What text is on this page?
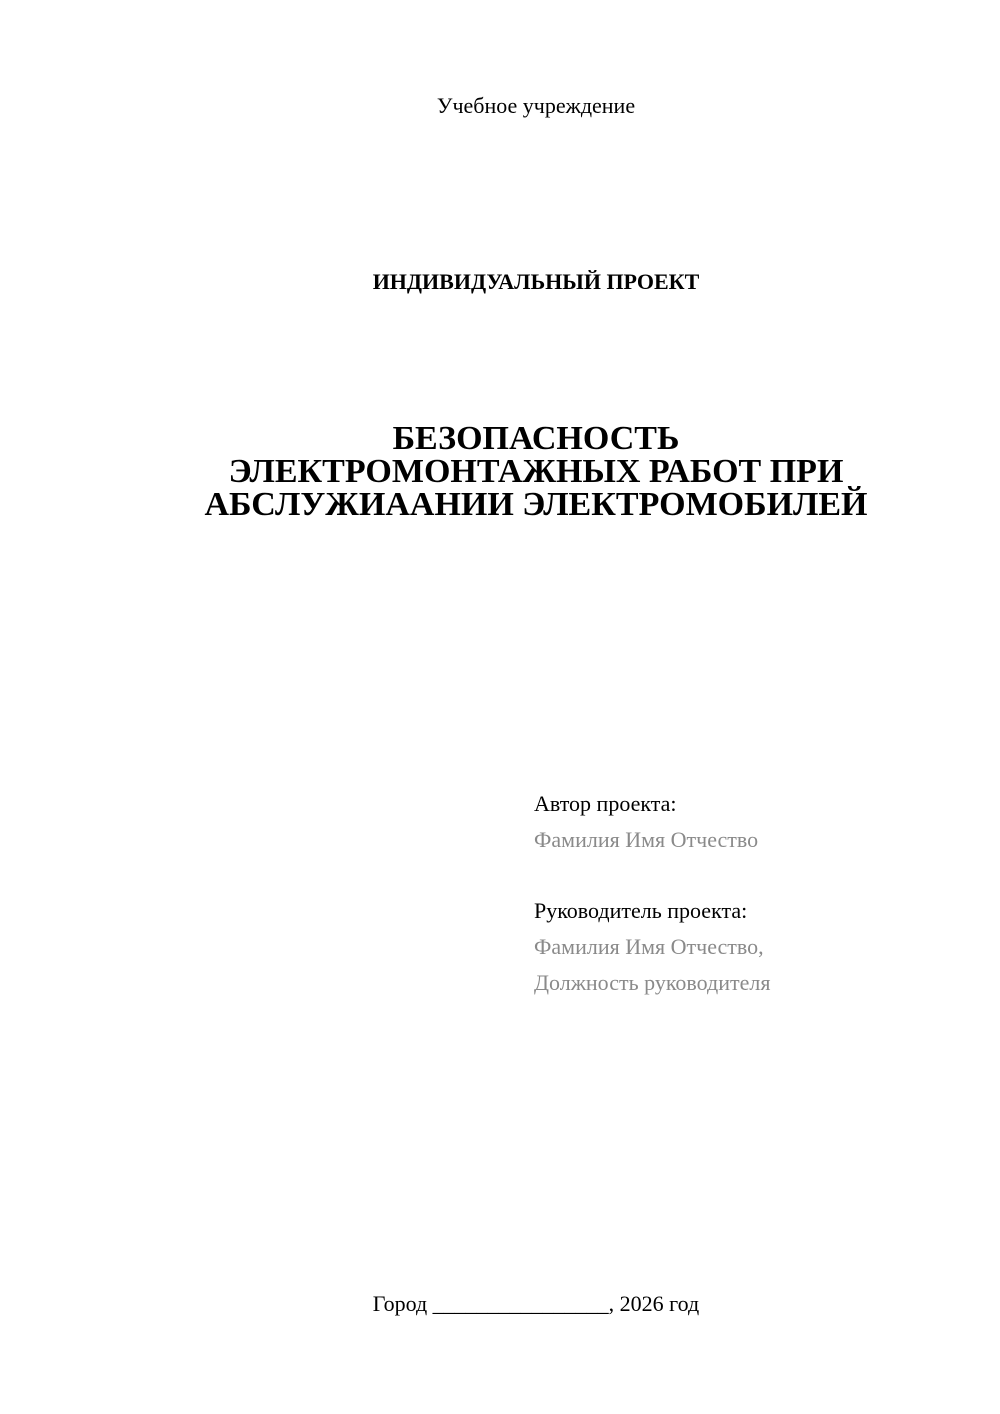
Учебное учреждение
ИНДИВИДУАЛЬНЫЙ ПРОЕКТ
БЕЗОПАСНОСТЬ
ЭЛЕКТРОМОНТАЖНЫХ РАБОТ ПРИ
АБСЛУЖИААНИИ ЭЛЕКТРОМОБИЛЕЙ
Автор проекта:
Фамилия Имя Отчество
Руководитель проекта:
Фамилия Имя Отчество,
Должность руководителя
Город ________________, 2026 год
